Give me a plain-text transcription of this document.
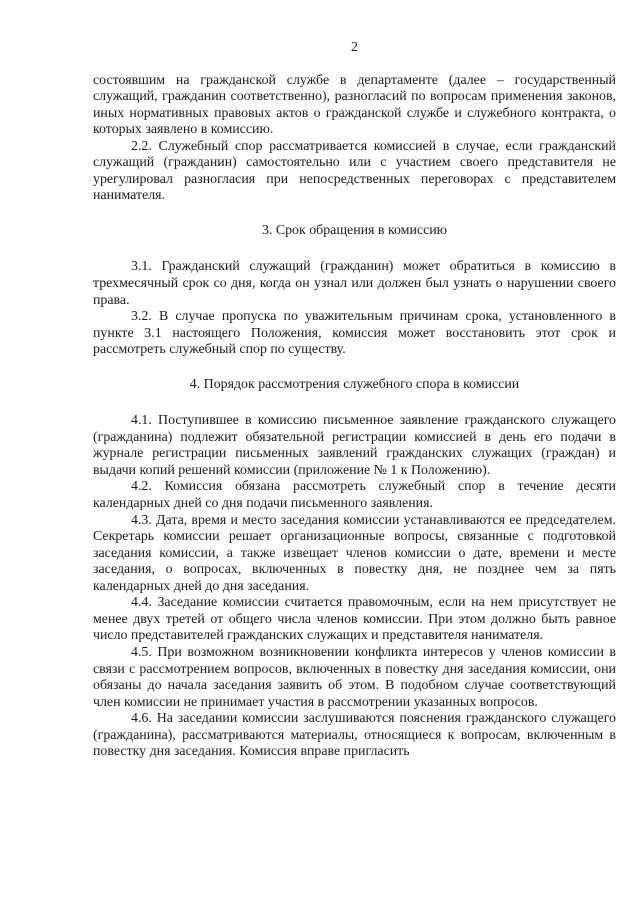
2

состоявшим на гражданской службе в департаменте (далее – государственный служащий, гражданин соответственно), разногласий по вопросам применения законов, иных нормативных правовых актов о гражданской службе и служебного контракта, о которых заявлено в комиссию.

2.2. Служебный спор рассматривается комиссией в случае, если гражданский служащий (гражданин) самостоятельно или с участием своего представителя не урегулировал разногласия при непосредственных переговорах с представителем нанимателя.

3. Срок обращения в комиссию

3.1. Гражданский служащий (гражданин) может обратиться в комиссию в трехмесячный срок со дня, когда он узнал или должен был узнать о нарушении своего права.

3.2. В случае пропуска по уважительным причинам срока, установленного в пункте 3.1 настоящего Положения, комиссия может восстановить этот срок и рассмотреть служебный спор по существу.

4. Порядок рассмотрения служебного спора в комиссии

4.1. Поступившее в комиссию письменное заявление гражданского служащего (гражданина) подлежит обязательной регистрации комиссией в день его подачи в журнале регистрации письменных заявлений гражданских служащих (граждан) и выдачи копий решений комиссии (приложение № 1 к Положению).

4.2. Комиссия обязана рассмотреть служебный спор в течение десяти календарных дней со дня подачи письменного заявления.

4.3. Дата, время и место заседания комиссии устанавливаются ее председателем. Секретарь комиссии решает организационные вопросы, связанные с подготовкой заседания комиссии, а также извещает членов комиссии о дате, времени и месте заседания, о вопросах, включенных в повестку дня, не позднее чем за пять календарных дней до дня заседания.

4.4. Заседание комиссии считается правомочным, если на нем присутствует не менее двух третей от общего числа членов комиссии. При этом должно быть равное число представителей гражданских служащих и представителя нанимателя.

4.5. При возможном возникновении конфликта интересов у членов комиссии в связи с рассмотрением вопросов, включенных в повестку дня заседания комиссии, они обязаны до начала заседания заявить об этом. В подобном случае соответствующий член комиссии не принимает участия в рассмотрении указанных вопросов.

4.6. На заседании комиссии заслушиваются пояснения гражданского служащего (гражданина), рассматриваются материалы, относящиеся к вопросам, включенным в повестку дня заседания. Комиссия вправе пригласить
